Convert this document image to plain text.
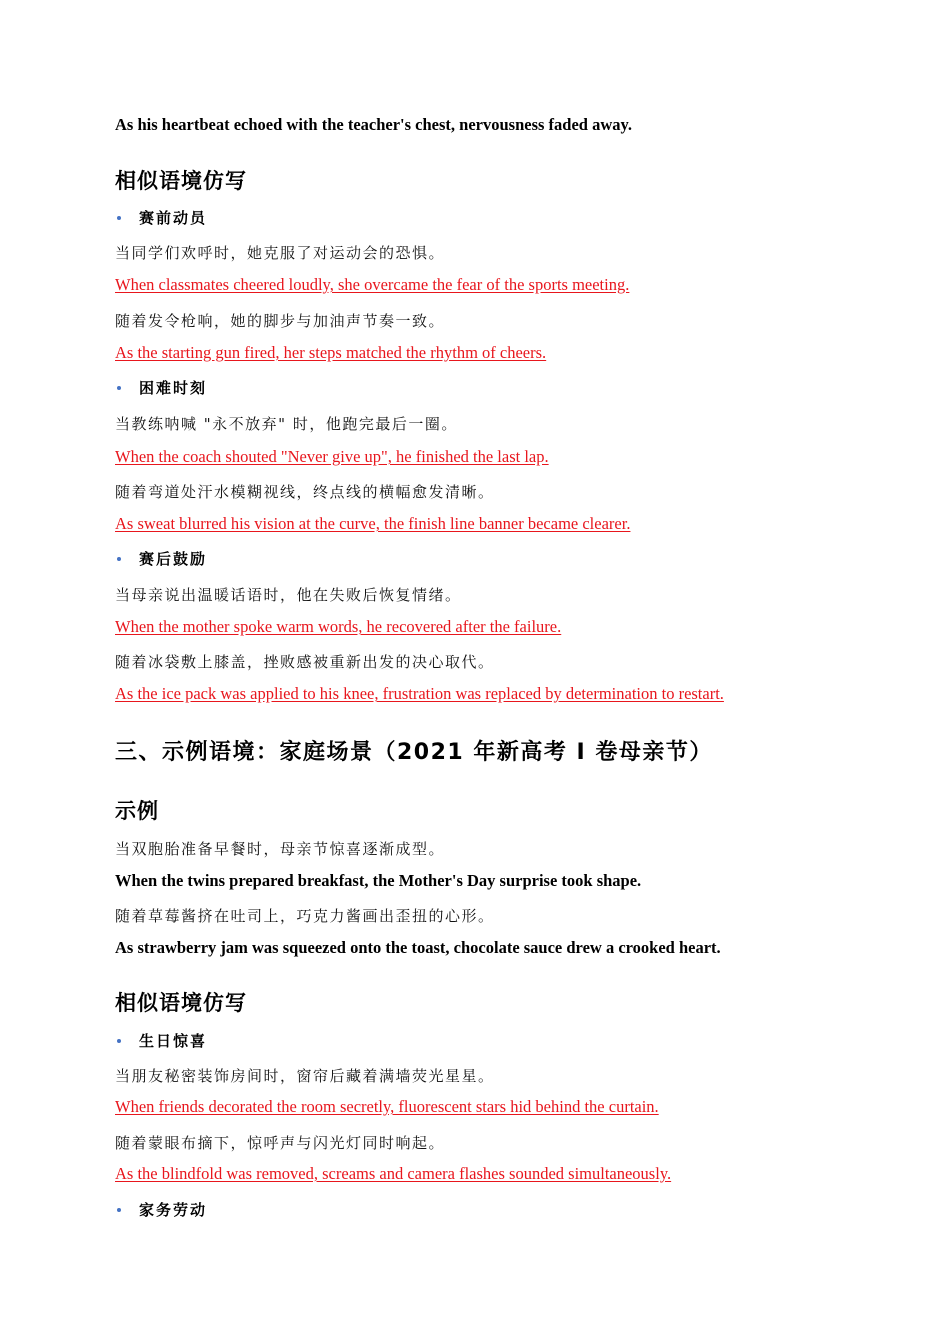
As his heartbeat echoed with the teacher's chest, nervousness faded away.
相似语境仿写
赛前动员
当同学们欢呼时，她克服了对运动会的恐惧。
When classmates cheered loudly, she overcame the fear of the sports meeting.
随着发令枪响，她的脚步与加油声节奏一致。
As the starting gun fired, her steps matched the rhythm of cheers.
困难时刻
当教练呐喊 "永不放弃" 时，他跑完最后一圈。
When the coach shouted "Never give up", he finished the last lap.
随着弯道处汗水模糊视线，终点线的横幅愈发清晰。
As sweat blurred his vision at the curve, the finish line banner became clearer.
赛后鼓励
当母亲说出温暖话语时，他在失败后恢复情绪。
When the mother spoke warm words, he recovered after the failure.
随着冰袋敷上膝盖，挫败感被重新出发的决心取代。
As the ice pack was applied to his knee, frustration was replaced by determination to restart.
三、示例语境：家庭场景（2021 年新高考 Ⅰ 卷母亲节）
示例
当双胞胎准备早餐时，母亲节惊喜逐渐成型。
When the twins prepared breakfast, the Mother's Day surprise took shape.
随着草莓酱挤在吐司上，巧克力酱画出歪扭的心形。
As strawberry jam was squeezed onto the toast, chocolate sauce drew a crooked heart.
相似语境仿写
生日惊喜
当朋友秘密装饰房间时，窗帘后藏着满墙荧光星星。
When friends decorated the room secretly, fluorescent stars hid behind the curtain.
随着蒙眼布摘下，惊呼声与闪光灯同时响起。
As the blindfold was removed, screams and camera flashes sounded simultaneously.
家务劳动
